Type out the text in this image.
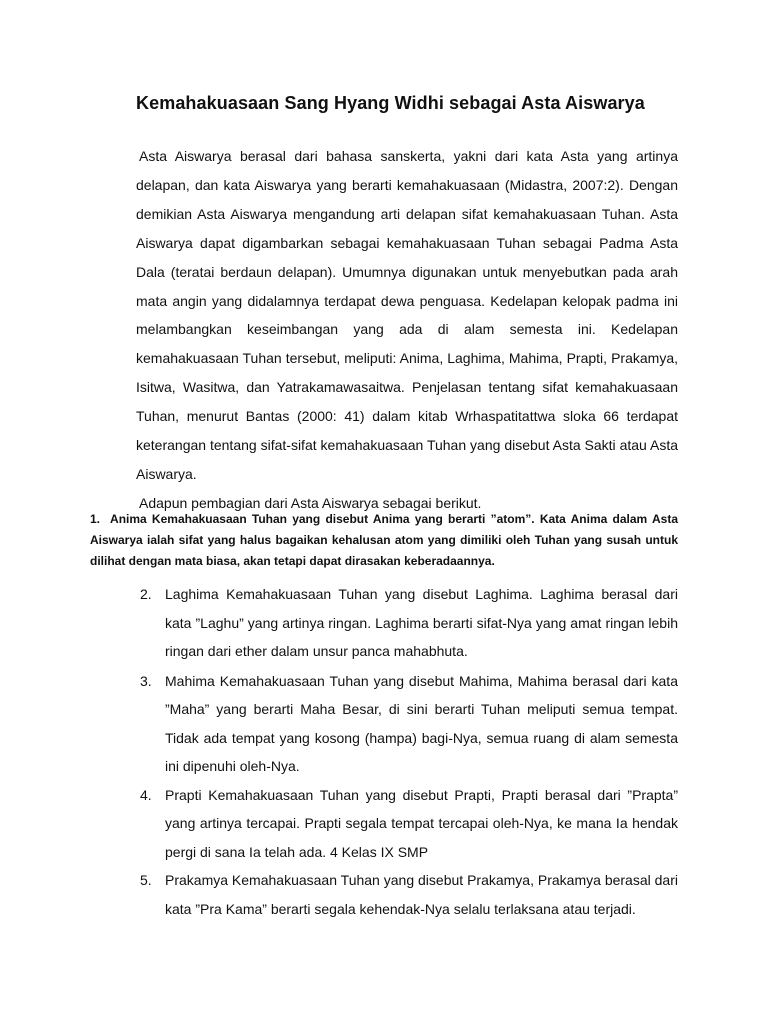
Kemahakuasaan Sang Hyang Widhi sebagai Asta Aiswarya

Asta Aiswarya berasal dari bahasa sanskerta, yakni dari kata Asta yang artinya delapan, dan kata Aiswarya yang berarti kemahakuasaan (Midastra, 2007:2). Dengan demikian Asta Aiswarya mengandung arti delapan sifat kemahakuasaan Tuhan. Asta Aiswarya dapat digambarkan sebagai kemahakuasaan Tuhan sebagai Padma Asta Dala (teratai berdaun delapan). Umumnya digunakan untuk menyebutkan pada arah mata angin yang didalamnya terdapat dewa penguasa. Kedelapan kelopak padma ini melambangkan keseimbangan yang ada di alam semesta ini. Kedelapan kemahakuasaan Tuhan tersebut, meliputi: Anima, Laghima, Mahima, Prapti, Prakamya, Isitwa, Wasitwa, dan Yatrakamawasaitwa. Penjelasan tentang sifat kemahakuasaan Tuhan, menurut Bantas (2000: 41) dalam kitab Wrhaspatitattwa sloka 66 terdapat keterangan tentang sifat-sifat kemahakuasaan Tuhan yang disebut Asta Sakti atau Asta Aiswarya.

Adapun pembagian dari Asta Aiswarya sebagai berikut.

1. Anima Kemahakuasaan Tuhan yang disebut Anima yang berarti ”atom”. Kata Anima dalam Asta Aiswarya ialah sifat yang halus bagaikan kehalusan atom yang dimiliki oleh Tuhan yang susah untuk dilihat dengan mata biasa, akan tetapi dapat dirasakan keberadaannya.

2. Laghima Kemahakuasaan Tuhan yang disebut Laghima. Laghima berasal dari kata ”Laghu” yang artinya ringan. Laghima berarti sifat-Nya yang amat ringan lebih ringan dari ether dalam unsur panca mahabhuta.

3. Mahima Kemahakuasaan Tuhan yang disebut Mahima, Mahima berasal dari kata ”Maha” yang berarti Maha Besar, di sini berarti Tuhan meliputi semua tempat. Tidak ada tempat yang kosong (hampa) bagi-Nya, semua ruang di alam semesta ini dipenuhi oleh-Nya.

4. Prapti Kemahakuasaan Tuhan yang disebut Prapti, Prapti berasal dari ”Prapta” yang artinya tercapai. Prapti segala tempat tercapai oleh-Nya, ke mana Ia hendak pergi di sana Ia telah ada. 4 Kelas IX SMP

5. Prakamya Kemahakuasaan Tuhan yang disebut Prakamya, Prakamya berasal dari kata ”Pra Kama” berarti segala kehendak-Nya selalu terlaksana atau terjadi.
